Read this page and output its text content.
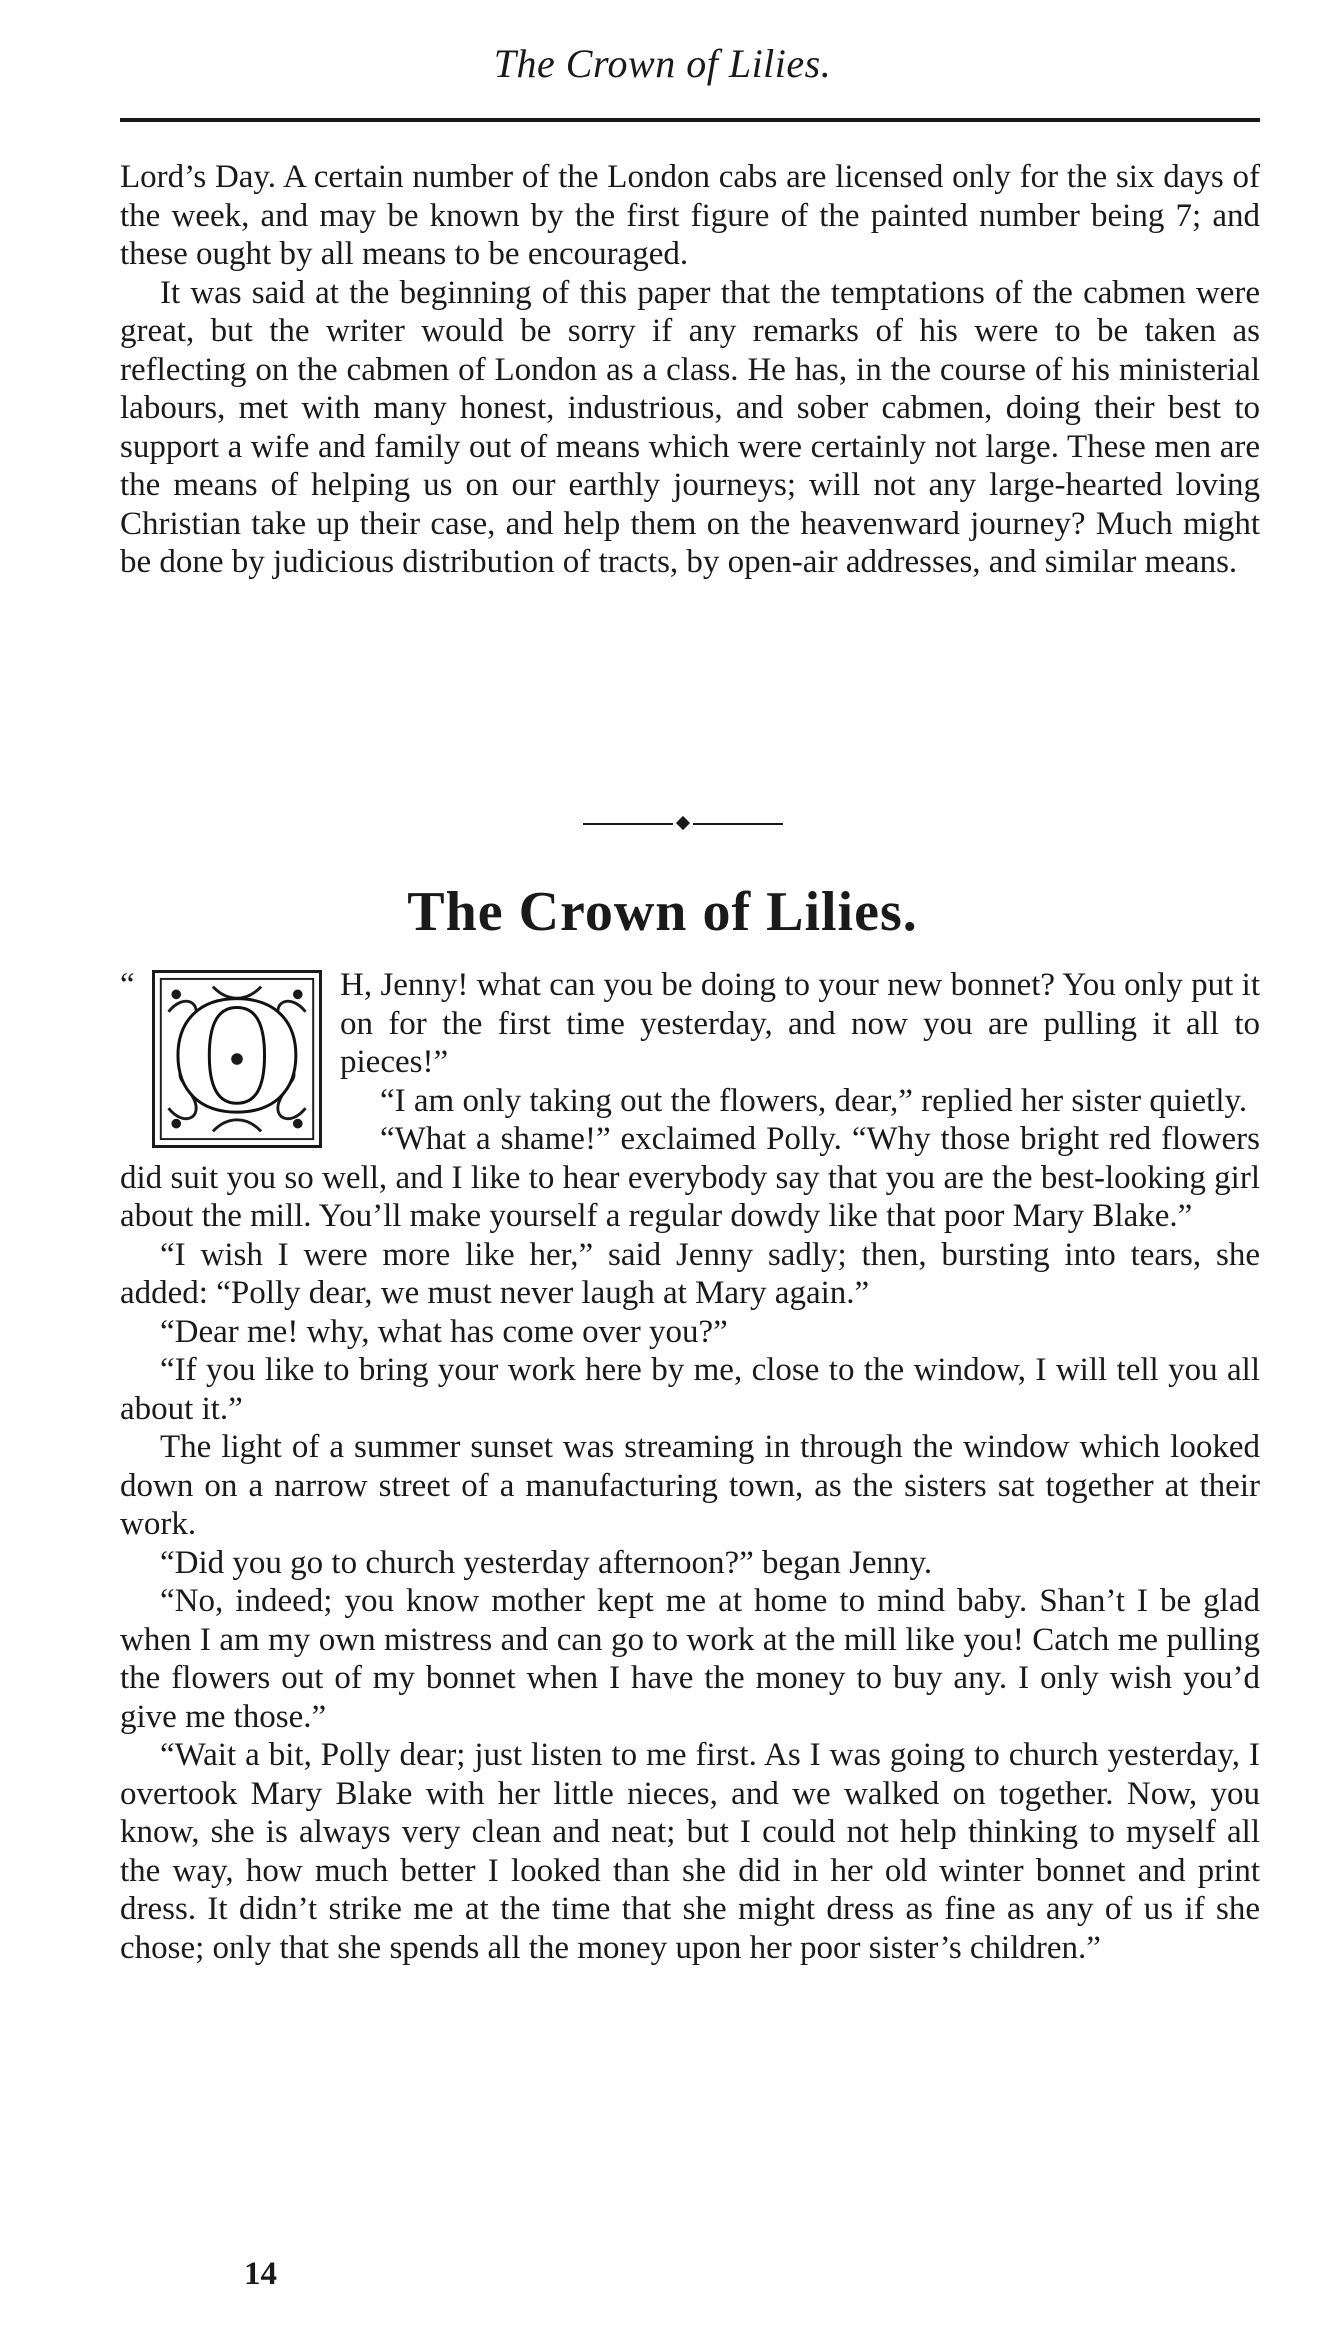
The Crown of Lilies.

Lord’s Day. A certain number of the London cabs are licensed only for the six days of the week, and may be known by the first figure of the painted number being 7; and these ought by all means to be encouraged.

It was said at the beginning of this paper that the temptations of the cabmen were great, but the writer would be sorry if any remarks of his were to be taken as reflecting on the cabmen of London as a class. He has, in the course of his ministerial labours, met with many honest, industrious, and sober cabmen, doing their best to support a wife and family out of means which were certainly not large. These men are the means of helping us on our earthly journeys; will not any large-hearted loving Christian take up their case, and help them on the heavenward journey? Much might be done by judicious distribution of tracts, by open-air addresses, and similar means.

The Crown of Lilies.
“ O	H, Jenny! what can you be doing to your new bonnet? You only put it on for the first time yesterday, and now you are pulling it all to pieces!”

“I am only taking out the flowers, dear,” replied her sister quietly.

“What a shame!” exclaimed Polly. “Why those bright red flowers did suit you so well, and I like to hear everybody say that you are the best-looking girl about the mill. You’ll make yourself a regular dowdy like that poor Mary Blake.”

“I wish I were more like her,” said Jenny sadly; then, bursting into tears, she added: “Polly dear, we must never laugh at Mary again.”

“Dear me! why, what has come over you?”

“If you like to bring your work here by me, close to the window, I will tell you all about it.”

The light of a summer sunset was streaming in through the window which looked down on a narrow street of a manufacturing town, as the sisters sat together at their work.

“Did you go to church yesterday afternoon?” began Jenny.

“No, indeed; you know mother kept me at home to mind baby. Shan’t I be glad when I am my own mistress and can go to work at the mill like you! Catch me pulling the flowers out of my bonnet when I have the money to buy any. I only wish you’d give me those.”

“Wait a bit, Polly dear; just listen to me first. As I was going to church yesterday, I overtook Mary Blake with her little nieces, and we walked on together. Now, you know, she is always very clean and neat; but I could not help thinking to myself all the way, how much better I looked than she did in her old winter bonnet and print dress. It didn’t strike me at the time that she might dress as fine as any of us if she chose; only that she spends all the money upon her poor sister’s children.”

14
